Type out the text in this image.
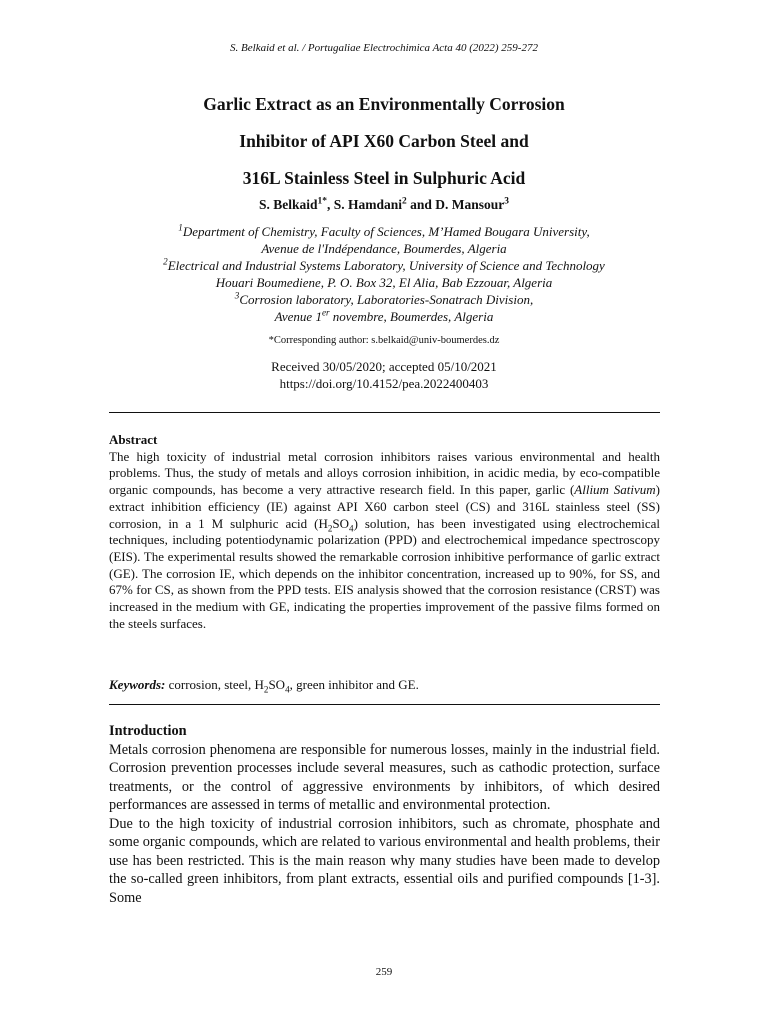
S. Belkaid et al. / Portugaliae Electrochimica Acta 40 (2022) 259-272
Garlic Extract as an Environmentally Corrosion
Inhibitor of API X60 Carbon Steel and
316L Stainless Steel in Sulphuric Acid
S. Belkaid$^{1*}$, S. Hamdani$^2$ and D. Mansour$^3$
$^1$Department of Chemistry, Faculty of Sciences, M’Hamed Bougara University,
Avenue de l'Indépendance, Boumerdes, Algeria
$^2$Electrical and Industrial Systems Laboratory, University of Science and Technology
Houari Boumediene, P. O. Box 32, El Alia, Bab Ezzouar, Algeria
$^3$Corrosion laboratory, Laboratories-Sonatrach Division,
Avenue 1er novembre, Boumerdes, Algeria
*Corresponding author: s.belkaid@univ-boumerdes.dz
Received 30/05/2020; accepted 05/10/2021
https://doi.org/10.4152/pea.2022400403
Abstract
The high toxicity of industrial metal corrosion inhibitors raises various environmental and health problems. Thus, the study of metals and alloys corrosion inhibition, in acidic media, by eco-compatible organic compounds, has become a very attractive research field. In this paper, garlic (Allium Sativum) extract inhibition efficiency (IE) against API X60 carbon steel (CS) and 316L stainless steel (SS) corrosion, in a 1 M sulphuric acid $(H_2SO_4)$ solution, has been investigated using electrochemical techniques, including potentiodynamic polarization (PPD) and electrochemical impedance spectroscopy (EIS). The experimental results showed the remarkable corrosion inhibitive performance of garlic extract (GE). The corrosion IE, which depends on the inhibitor concentration, increased up to 90%, for SS, and 67% for CS, as shown from the PPD tests. EIS analysis showed that the corrosion resistance (CRST) was increased in the medium with GE, indicating the properties improvement of the passive films formed on the steels surfaces.
Keywords: corrosion, steel, $H_2SO_4$, green inhibitor and GE.
Introduction

Metals corrosion phenomena are responsible for numerous losses, mainly in the industrial field. Corrosion prevention processes include several measures, such as cathodic protection, surface treatments, or the control of aggressive environments by inhibitors, of which desired performances are assessed in terms of metallic and environmental protection.

Due to the high toxicity of industrial corrosion inhibitors, such as chromate, phosphate and some organic compounds, which are related to various environmental and health problems, their use has been restricted. This is the main reason why many studies have been made to develop the so-called green inhibitors, from plant extracts, essential oils and purified compounds [1-3]. Some

259
